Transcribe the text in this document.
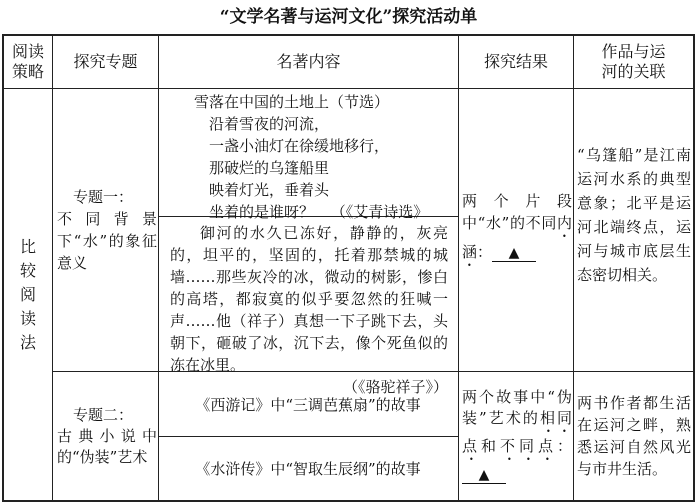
“文学名著与运河文化”探究活动单
阅读
策略
探究专题	名著内容	探究结果
作品与运
河的关联
比
较
阅
读
法
专题一：
不同背景下“水”的象征意义
雪落在中国的土地上（节选）
沿着雪夜的河流，
一盏小油灯在徐缓地移行，
那破烂的乌篷船里
映着灯光，垂着头
坐着的是谁呀？ （《艾青诗选》
御河的水久已冻好，静静的，灰亮的，坦平的，坚固的，托着那禁城的城墙……那些灰冷的冰，微动的树影，惨白的高塔，都寂寞的似乎要忽然的狂喊一声……他（祥子）真想一下子跳下去，头朝下，砸破了冰，沉下去，像个死鱼似的冻在冰里。
（《骆驼祥子》）
两个片段中“水”的不同内涵： ▲
“乌篷船”是江南运河水系的典型意象；北平是运河北端终点，运河与城市底层生态密切相关。
专题二：
古典小说中的“伪装”艺术
《西游记》中“三调芭蕉扇”的故事
《水浒传》中“智取生辰纲”的故事
两个故事中“伪装”艺术的相同点和不同点：▲
两书作者都生活在运河之畔，熟悉运河自然风光与市井生活。
